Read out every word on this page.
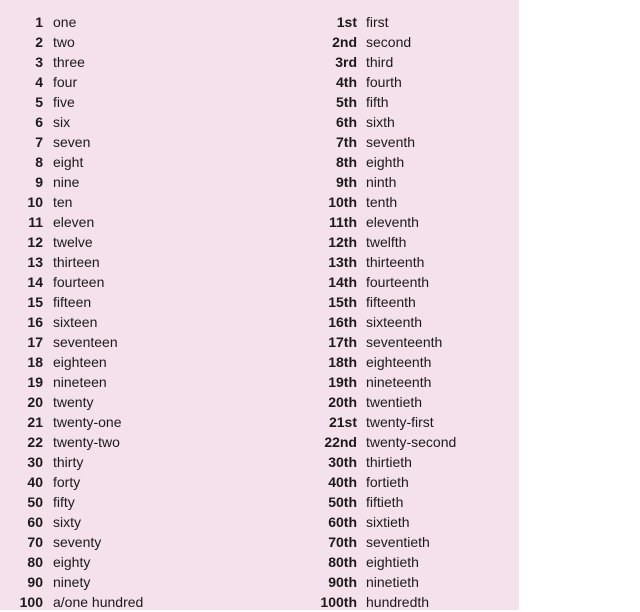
1 one	1st first
2 two	2nd second
3 three	3rd third
4 four	4th fourth
5 five	5th fifth
6 six	6th sixth
7 seven	7th seventh
8 eight	8th eighth
9 nine	9th ninth
10 ten	10th tenth
11 eleven	11th eleventh
12 twelve	12th twelfth
13 thirteen	13th thirteenth
14 fourteen	14th fourteenth
15 fifteen	15th fifteenth
16 sixteen	16th sixteenth
17 seventeen	17th seventeenth
18 eighteen	18th eighteenth
19 nineteen	19th nineteenth
20 twenty	20th twentieth
21 twenty-one	21st twenty-first
22 twenty-two	22nd twenty-second
30 thirty	30th thirtieth
40 forty	40th fortieth
50 fifty	50th fiftieth
60 sixty	60th sixtieth
70 seventy	70th seventieth
80 eighty	80th eightieth
90 ninety	90th ninetieth
100 a/one hundred	100th hundredth
